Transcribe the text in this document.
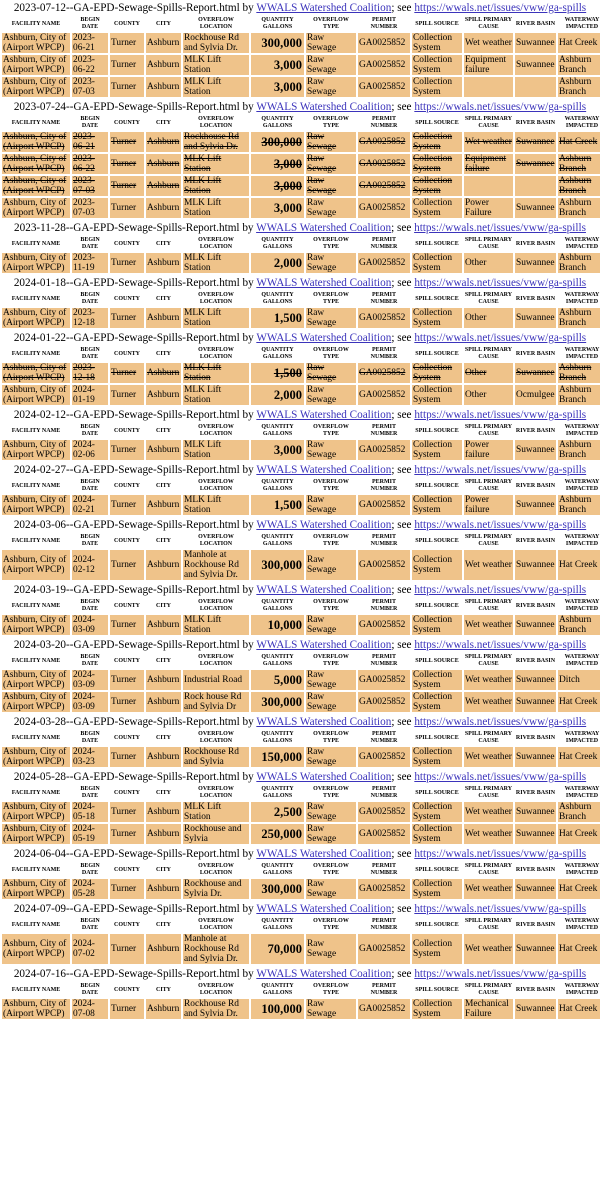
2023-07-12--GA-EPD-Sewage-Spills-Report.html by WWALS Watershed Coalition; see https://wwals.net/issues/vww/ga-spills
FACILITY NAME	BEGIN DATE	COUNTY	CITY	OVERFLOW LOCATION	QUANTITY GALLONS	OVERFLOW TYPE	PERMIT NUMBER	SPILL SOURCE	SPILL PRIMARY CAUSE	RIVER BASIN	WATERWAY IMPACTED
Ashburn, City of (Airport WPCP)	2023-06-21	Turner	Ashburn	Rockhouse Rd and Sylvia Dr.	300,000	Raw Sewage	GA0025852	Collection System	Wet weather	Suwannee	Hat Creek
Ashburn, City of (Airport WPCP)	2023-06-22	Turner	Ashburn	MLK Lift Station	3,000	Raw Sewage	GA0025852	Collection System	Equipment failure	Suwannee	Ashburn Branch
Ashburn, City of (Airport WPCP)	2023-07-03	Turner	Ashburn	MLK Lift Station	3,000	Raw Sewage	GA0025852	Collection System			Ashburn Branch
2023-07-24--GA-EPD-Sewage-Spills-Report.html by WWALS Watershed Coalition; see https://wwals.net/issues/vww/ga-spills
FACILITY NAME	BEGIN DATE	COUNTY	CITY	OVERFLOW LOCATION	QUANTITY GALLONS	OVERFLOW TYPE	PERMIT NUMBER	SPILL SOURCE	SPILL PRIMARY CAUSE	RIVER BASIN	WATERWAY IMPACTED
Ashburn, City of (Airport WPCP)	2023-06-21	Turner	Ashburn	Rockhouse Rd and Sylvia Dr.	300,000	Raw Sewage	GA0025852	Collection System	Wet weather	Suwannee	Hat Creek
Ashburn, City of (Airport WPCP)	2023-06-22	Turner	Ashburn	MLK Lift Station	3,000	Raw Sewage	GA0025852	Collection System	Equipment failure	Suwannee	Ashburn Branch
Ashburn, City of (Airport WPCP)	2023-07-03	Turner	Ashburn	MLK Lift Station	3,000	Raw Sewage	GA0025852	Collection System			Ashburn Branch
Ashburn, City of (Airport WPCP)	2023-07-03	Turner	Ashburn	MLK Lift Station	3,000	Raw Sewage	GA0025852	Collection System	Power Failure	Suwannee	Ashburn Branch
2023-11-28--GA-EPD-Sewage-Spills-Report.html by WWALS Watershed Coalition; see https://wwals.net/issues/vww/ga-spills
FACILITY NAME	BEGIN DATE	COUNTY	CITY	OVERFLOW LOCATION	QUANTITY GALLONS	OVERFLOW TYPE	PERMIT NUMBER	SPILL SOURCE	SPILL PRIMARY CAUSE	RIVER BASIN	WATERWAY IMPACTED
Ashburn, City of (Airport WPCP)	2023-11-19	Turner	Ashburn	MLK Lift Station	2,000	Raw Sewage	GA0025852	Collection System	Other	Suwannee	Ashburn Branch
2024-01-18--GA-EPD-Sewage-Spills-Report.html by WWALS Watershed Coalition; see https://wwals.net/issues/vww/ga-spills
FACILITY NAME	BEGIN DATE	COUNTY	CITY	OVERFLOW LOCATION	QUANTITY GALLONS	OVERFLOW TYPE	PERMIT NUMBER	SPILL SOURCE	SPILL PRIMARY CAUSE	RIVER BASIN	WATERWAY IMPACTED
Ashburn, City of (Airport WPCP)	2023-12-18	Turner	Ashburn	MLK Lift Station	1,500	Raw Sewage	GA0025852	Collection System	Other	Suwannee	Ashburn Branch
2024-01-22--GA-EPD-Sewage-Spills-Report.html by WWALS Watershed Coalition; see https://wwals.net/issues/vww/ga-spills
FACILITY NAME	BEGIN DATE	COUNTY	CITY	OVERFLOW LOCATION	QUANTITY GALLONS	OVERFLOW TYPE	PERMIT NUMBER	SPILL SOURCE	SPILL PRIMARY CAUSE	RIVER BASIN	WATERWAY IMPACTED
Ashburn, City of (Airport WPCP)	2023-12-18	Turner	Ashburn	MLK Lift Station	1,500	Raw Sewage	GA0025852	Collection System	Other	Suwannee	Ashburn Branch
Ashburn, City of (Airport WPCP)	2024-01-19	Turner	Ashburn	MLK Lift Station	2,000	Raw Sewage	GA0025852	Collection System	Other	Ocmulgee	Ashburn Branch
2024-02-12--GA-EPD-Sewage-Spills-Report.html by WWALS Watershed Coalition; see https://wwals.net/issues/vww/ga-spills
FACILITY NAME	BEGIN DATE	COUNTY	CITY	OVERFLOW LOCATION	QUANTITY GALLONS	OVERFLOW TYPE	PERMIT NUMBER	SPILL SOURCE	SPILL PRIMARY CAUSE	RIVER BASIN	WATERWAY IMPACTED
Ashburn, City of (Airport WPCP)	2024-02-06	Turner	Ashburn	MLK Lift Station	3,000	Raw Sewage	GA0025852	Collection System	Power failure	Suwannee	Ashburn Branch
2024-02-27--GA-EPD-Sewage-Spills-Report.html by WWALS Watershed Coalition; see https://wwals.net/issues/vww/ga-spills
FACILITY NAME	BEGIN DATE	COUNTY	CITY	OVERFLOW LOCATION	QUANTITY GALLONS	OVERFLOW TYPE	PERMIT NUMBER	SPILL SOURCE	SPILL PRIMARY CAUSE	RIVER BASIN	WATERWAY IMPACTED
Ashburn, City of (Airport WPCP)	2024-02-21	Turner	Ashburn	MLK Lift Station	1,500	Raw Sewage	GA0025852	Collection System	Power failure	Suwannee	Ashburn Branch
2024-03-06--GA-EPD-Sewage-Spills-Report.html by WWALS Watershed Coalition; see https://wwals.net/issues/vww/ga-spills
FACILITY NAME	BEGIN DATE	COUNTY	CITY	OVERFLOW LOCATION	QUANTITY GALLONS	OVERFLOW TYPE	PERMIT NUMBER	SPILL SOURCE	SPILL PRIMARY CAUSE	RIVER BASIN	WATERWAY IMPACTED
Ashburn, City of (Airport WPCP)	2024-02-12	Turner	Ashburn	Manhole at Rockhouse Rd and Sylvia Dr.	300,000	Raw Sewage	GA0025852	Collection System	Wet weather	Suwannee	Hat Creek
2024-03-19--GA-EPD-Sewage-Spills-Report.html by WWALS Watershed Coalition; see https://wwals.net/issues/vww/ga-spills
FACILITY NAME	BEGIN DATE	COUNTY	CITY	OVERFLOW LOCATION	QUANTITY GALLONS	OVERFLOW TYPE	PERMIT NUMBER	SPILL SOURCE	SPILL PRIMARY CAUSE	RIVER BASIN	WATERWAY IMPACTED
Ashburn, City of (Airport WPCP)	2024-03-09	Turner	Ashburn	MLK Lift Station	10,000	Raw Sewage	GA0025852	Collection System	Wet weather	Suwannee	Ashburn Branch
2024-03-20--GA-EPD-Sewage-Spills-Report.html by WWALS Watershed Coalition; see https://wwals.net/issues/vww/ga-spills
FACILITY NAME	BEGIN DATE	COUNTY	CITY	OVERFLOW LOCATION	QUANTITY GALLONS	OVERFLOW TYPE	PERMIT NUMBER	SPILL SOURCE	SPILL PRIMARY CAUSE	RIVER BASIN	WATERWAY IMPACTED
Ashburn, City of (Airport WPCP)	2024-03-09	Turner	Ashburn	Industrial Road	5,000	Raw Sewage	GA0025852	Collection System	Wet weather	Suwannee	Ditch
Ashburn, City of (Airport WPCP)	2024-03-09	Turner	Ashburn	Rock house Rd and Sylvia Dr	300,000	Raw Sewage	GA0025852	Collection System	Wet weather	Suwannee	Hat Creek
2024-03-28--GA-EPD-Sewage-Spills-Report.html by WWALS Watershed Coalition; see https://wwals.net/issues/vww/ga-spills
FACILITY NAME	BEGIN DATE	COUNTY	CITY	OVERFLOW LOCATION	QUANTITY GALLONS	OVERFLOW TYPE	PERMIT NUMBER	SPILL SOURCE	SPILL PRIMARY CAUSE	RIVER BASIN	WATERWAY IMPACTED
Ashburn, City of (Airport WPCP)	2024-03-23	Turner	Ashburn	Rockhouse Rd and Sylvia	150,000	Raw Sewage	GA0025852	Collection System	Wet weather	Suwannee	Hat Creek
2024-05-28--GA-EPD-Sewage-Spills-Report.html by WWALS Watershed Coalition; see https://wwals.net/issues/vww/ga-spills
FACILITY NAME	BEGIN DATE	COUNTY	CITY	OVERFLOW LOCATION	QUANTITY GALLONS	OVERFLOW TYPE	PERMIT NUMBER	SPILL SOURCE	SPILL PRIMARY CAUSE	RIVER BASIN	WATERWAY IMPACTED
Ashburn, City of (Airport WPCP)	2024-05-18	Turner	Ashburn	MLK Lift Station	2,500	Raw Sewage	GA0025852	Collection System	Wet weather	Suwannee	Ashburn Branch
Ashburn, City of (Airport WPCP)	2024-05-19	Turner	Ashburn	Rockhouse and Sylvia	250,000	Raw Sewage	GA0025852	Collection System	Wet weather	Suwannee	Hat Creek
2024-06-04--GA-EPD-Sewage-Spills-Report.html by WWALS Watershed Coalition; see https://wwals.net/issues/vww/ga-spills
FACILITY NAME	BEGIN DATE	COUNTY	CITY	OVERFLOW LOCATION	QUANTITY GALLONS	OVERFLOW TYPE	PERMIT NUMBER	SPILL SOURCE	SPILL PRIMARY CAUSE	RIVER BASIN	WATERWAY IMPACTED
Ashburn, City of (Airport WPCP)	2024-05-28	Turner	Ashburn	Rockhouse and Sylvia Dr.	300,000	Raw Sewage	GA0025852	Collection System	Wet weather	Suwannee	Hat Creek
2024-07-09--GA-EPD-Sewage-Spills-Report.html by WWALS Watershed Coalition; see https://wwals.net/issues/vww/ga-spills
FACILITY NAME	BEGIN DATE	COUNTY	CITY	OVERFLOW LOCATION	QUANTITY GALLONS	OVERFLOW TYPE	PERMIT NUMBER	SPILL SOURCE	SPILL PRIMARY CAUSE	RIVER BASIN	WATERWAY IMPACTED
Ashburn, City of (Airport WPCP)	2024-07-02	Turner	Ashburn	Manhole at Rockhouse Rd and Sylvia Dr.	70,000	Raw Sewage	GA0025852	Collection System	Wet weather	Suwannee	Hat Creek
2024-07-16--GA-EPD-Sewage-Spills-Report.html by WWALS Watershed Coalition; see https://wwals.net/issues/vww/ga-spills
FACILITY NAME	BEGIN DATE	COUNTY	CITY	OVERFLOW LOCATION	QUANTITY GALLONS	OVERFLOW TYPE	PERMIT NUMBER	SPILL SOURCE	SPILL PRIMARY CAUSE	RIVER BASIN	WATERWAY IMPACTED
Ashburn, City of (Airport WPCP)	2024-07-08	Turner	Ashburn	Rockhouse Rd and Sylvia Dr.	100,000	Raw Sewage	GA0025852	Collection System	Mechanical Failure	Suwannee	Hat Creek
